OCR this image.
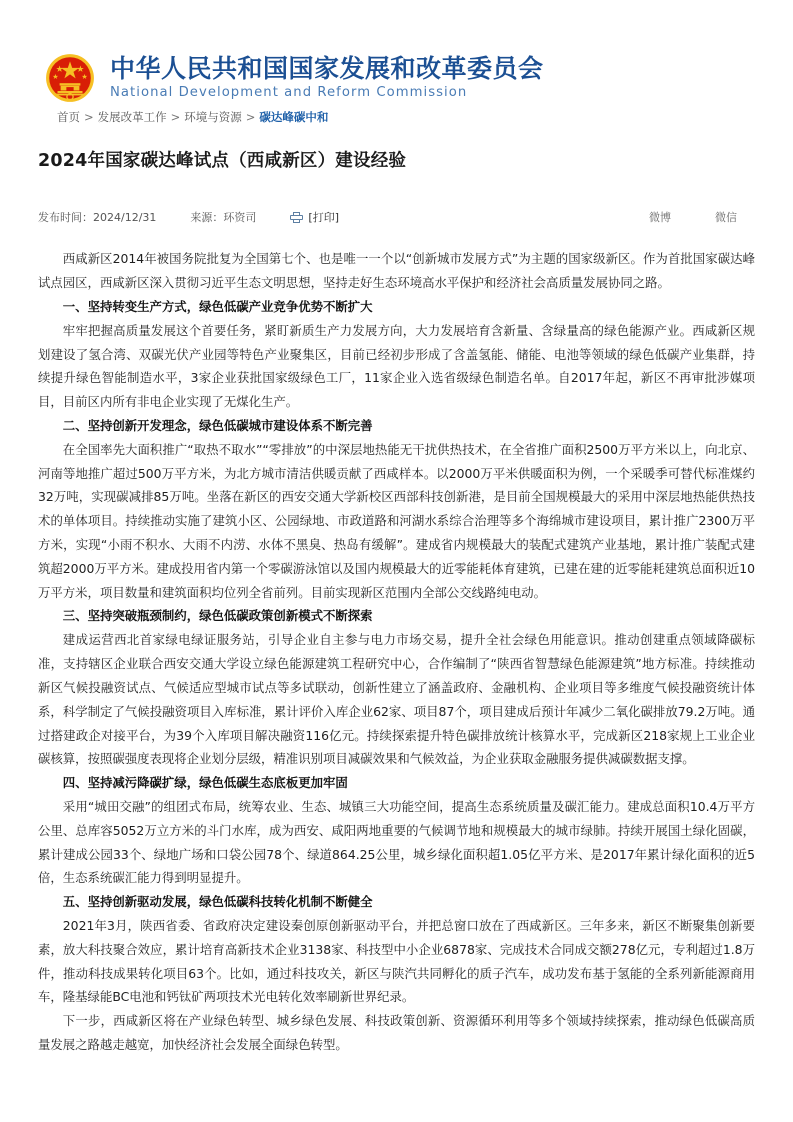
中华人民共和国国家发展和改革委员会
National Development and Reform Commission
首页 > 发展改革工作 > 环境与资源 > 碳达峰碳中和
2024年国家碳达峰试点（西咸新区）建设经验
发布时间：2024/12/31	来源：环资司	[打印]	微博	微信

西咸新区2014年被国务院批复为全国第七个、也是唯一一个以“创新城市发展方式”为主题的国家级新区。作为首批国家碳达峰试点园区，西咸新区深入贯彻习近平生态文明思想，坚持走好生态环境高水平保护和经济社会高质量发展协同之路。

一、坚持转变生产方式，绿色低碳产业竞争优势不断扩大

牢牢把握高质量发展这个首要任务，紧盯新质生产力发展方向，大力发展培育含新量、含绿量高的绿色能源产业。西咸新区规划建设了氢合湾、双碳光伏产业园等特色产业聚集区，目前已经初步形成了含盖氢能、储能、电池等领域的绿色低碳产业集群，持续提升绿色智能制造水平，3家企业获批国家级绿色工厂，11家企业入选省级绿色制造名单。自2017年起，新区不再审批涉媒项目，目前区内所有非电企业实现了无煤化生产。

二、坚持创新开发理念，绿色低碳城市建设体系不断完善

在全国率先大面积推广“取热不取水”“零排放”的中深层地热能无干扰供热技术，在全省推广面积2500万平方米以上，向北京、河南等地推广超过500万平方米，为北方城市清洁供暖贡献了西咸样本。以2000万平米供暖面积为例，一个采暖季可替代标准煤约32万吨，实现碳减排85万吨。坐落在新区的西安交通大学新校区西部科技创新港，是目前全国规模最大的采用中深层地热能供热技术的单体项目。持续推动实施了建筑小区、公园绿地、市政道路和河湖水系综合治理等多个海绵城市建设项目，累计推广2300万平方米，实现“小雨不积水、大雨不内涝、水体不黑臭、热岛有缓解”。建成省内规模最大的装配式建筑产业基地，累计推广装配式建筑超2000万平方米。建成投用省内第一个零碳游泳馆以及国内规模最大的近零能耗体育建筑，已建在建的近零能耗建筑总面积近10万平方米，项目数量和建筑面积均位列全省前列。目前实现新区范围内全部公交线路纯电动。

三、坚持突破瓶颈制约，绿色低碳政策创新模式不断探索

建成运营西北首家绿电绿证服务站，引导企业自主参与电力市场交易，提升全社会绿色用能意识。推动创建重点领域降碳标准，支持辖区企业联合西安交通大学设立绿色能源建筑工程研究中心，合作编制了“陕西省智慧绿色能源建筑”地方标准。持续推动新区气候投融资试点、气候适应型城市试点等多试联动，创新性建立了涵盖政府、金融机构、企业项目等多维度气候投融资统计体系，科学制定了气候投融资项目入库标准，累计评价入库企业62家、项目87个，项目建成后预计年减少二氧化碳排放79.2万吨。通过搭建政企对接平台，为39个入库项目解决融资116亿元。持续探索提升特色碳排放统计核算水平，完成新区218家规上工业企业碳核算，按照碳强度表现将企业划分层级，精准识别项目减碳效果和气候效益，为企业获取金融服务提供减碳数据支撑。

四、坚持减污降碳扩绿，绿色低碳生态底板更加牢固

采用“城田交融”的组团式布局，统筹农业、生态、城镇三大功能空间，提高生态系统质量及碳汇能力。建成总面积10.4万平方公里、总库容5052万立方米的斗门水库，成为西安、咸阳两地重要的气候调节地和规模最大的城市绿肺。持续开展国土绿化固碳，累计建成公园33个、绿地广场和口袋公园78个、绿道864.25公里，城乡绿化面积超1.05亿平方米、是2017年累计绿化面积的近5倍，生态系统碳汇能力得到明显提升。

五、坚持创新驱动发展，绿色低碳科技转化机制不断健全

2021年3月，陕西省委、省政府决定建设秦创原创新驱动平台，并把总窗口放在了西咸新区。三年多来，新区不断聚集创新要素，放大科技聚合效应，累计培育高新技术企业3138家、科技型中小企业6878家、完成技术合同成交额278亿元，专利超过1.8万件，推动科技成果转化项目63个。比如，通过科技攻关，新区与陕汽共同孵化的质子汽车，成功发布基于氢能的全系列新能源商用车，隆基绿能BC电池和钙钛矿两项技术光电转化效率刷新世界纪录。

下一步，西咸新区将在产业绿色转型、城乡绿色发展、科技政策创新、资源循环利用等多个领域持续探索，推动绿色低碳高质量发展之路越走越宽，加快经济社会发展全面绿色转型。
